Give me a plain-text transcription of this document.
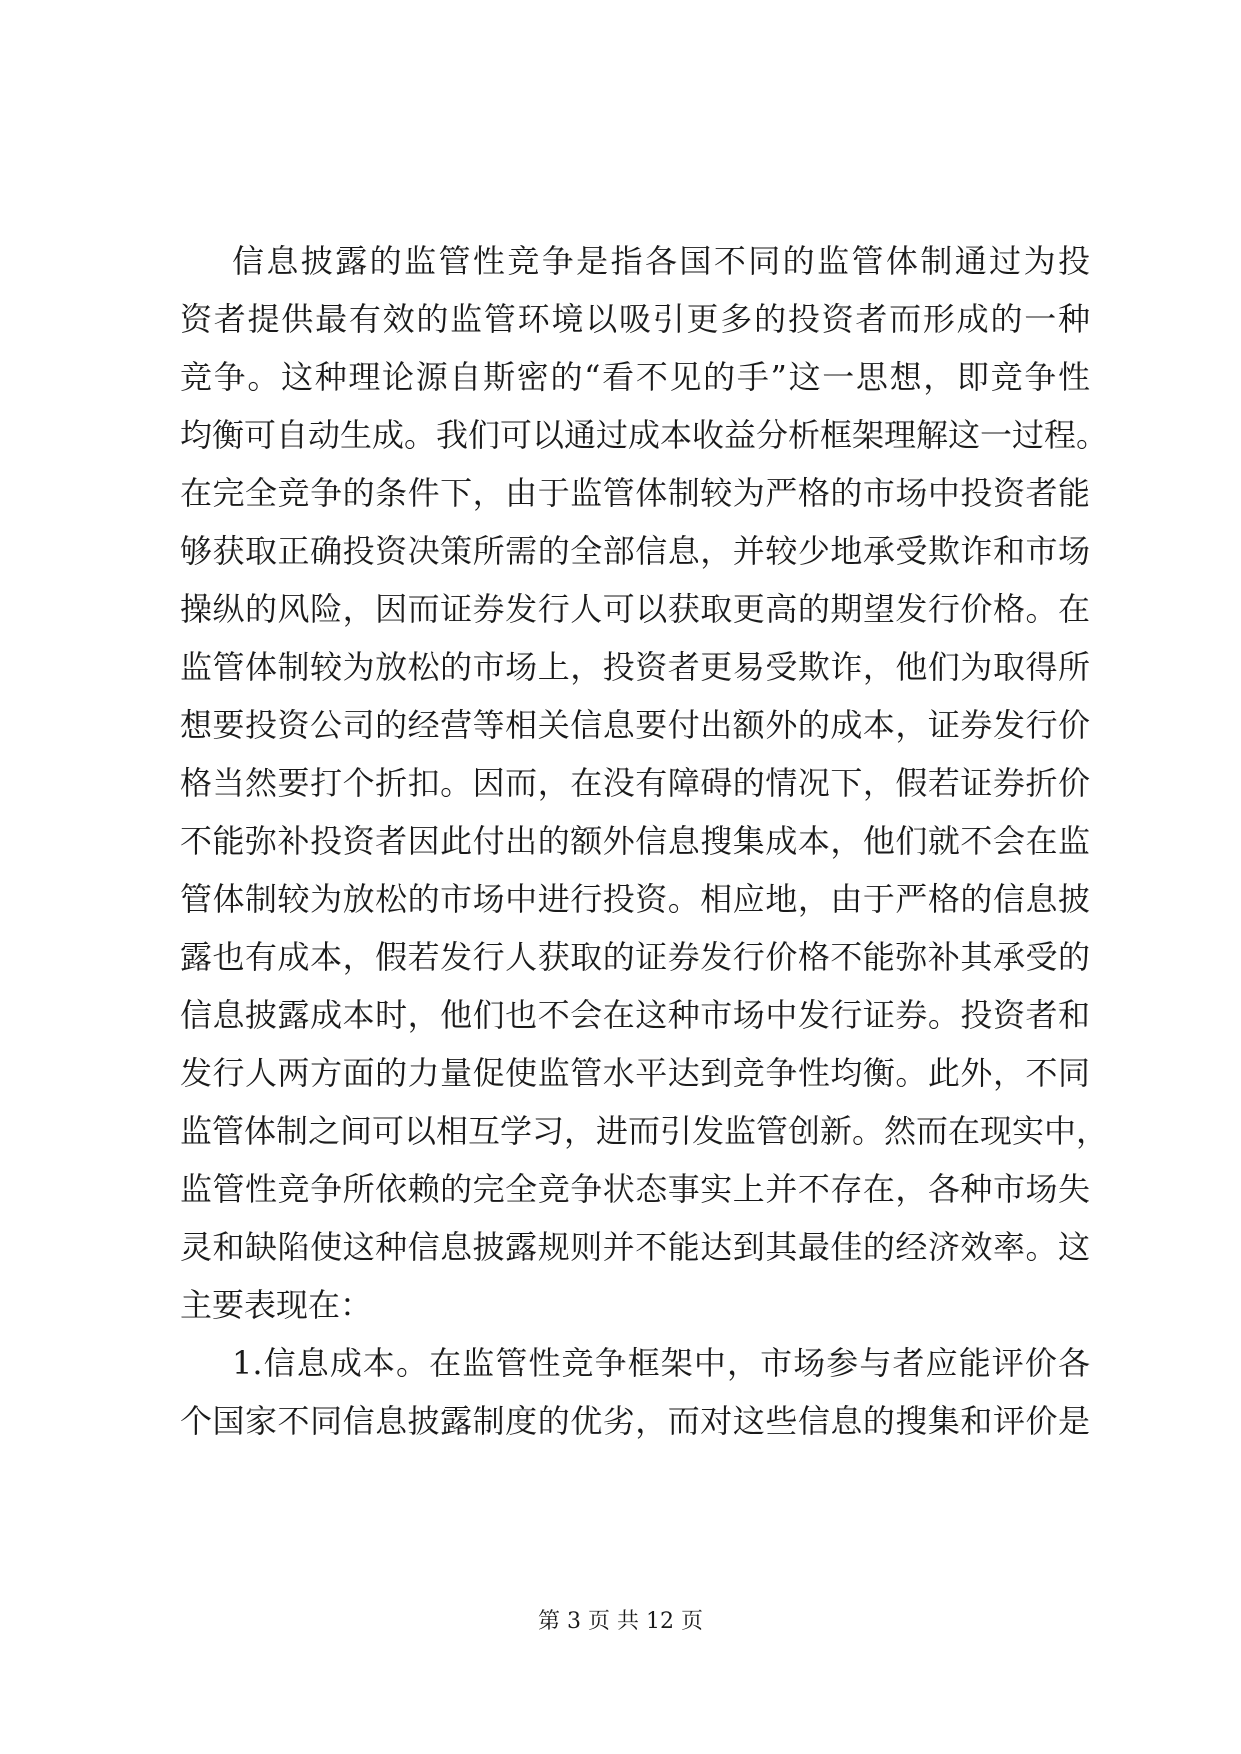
信息披露的监管性竞争是指各国不同的监管体制通过为投
资者提供最有效的监管环境以吸引更多的投资者而形成的一种
竞争。这种理论源自斯密的“看不见的手”这一思想，即竞争性
均衡可自动生成。我们可以通过成本收益分析框架理解这一过程。
在完全竞争的条件下，由于监管体制较为严格的市场中投资者能
够获取正确投资决策所需的全部信息，并较少地承受欺诈和市场
操纵的风险，因而证券发行人可以获取更高的期望发行价格。在
监管体制较为放松的市场上，投资者更易受欺诈，他们为取得所
想要投资公司的经营等相关信息要付出额外的成本，证券发行价
格当然要打个折扣。因而，在没有障碍的情况下，假若证券折价
不能弥补投资者因此付出的额外信息搜集成本，他们就不会在监
管体制较为放松的市场中进行投资。相应地，由于严格的信息披
露也有成本，假若发行人获取的证券发行价格不能弥补其承受的
信息披露成本时，他们也不会在这种市场中发行证券。投资者和
发行人两方面的力量促使监管水平达到竞争性均衡。此外，不同
监管体制之间可以相互学习，进而引发监管创新。然而在现实中，
监管性竞争所依赖的完全竞争状态事实上并不存在，各种市场失
灵和缺陷使这种信息披露规则并不能达到其最佳的经济效率。这
主要表现在：
1.信息成本。在监管性竞争框架中，市场参与者应能评价各
个国家不同信息披露制度的优劣，而对这些信息的搜集和评价是
第 3 页 共 12 页
